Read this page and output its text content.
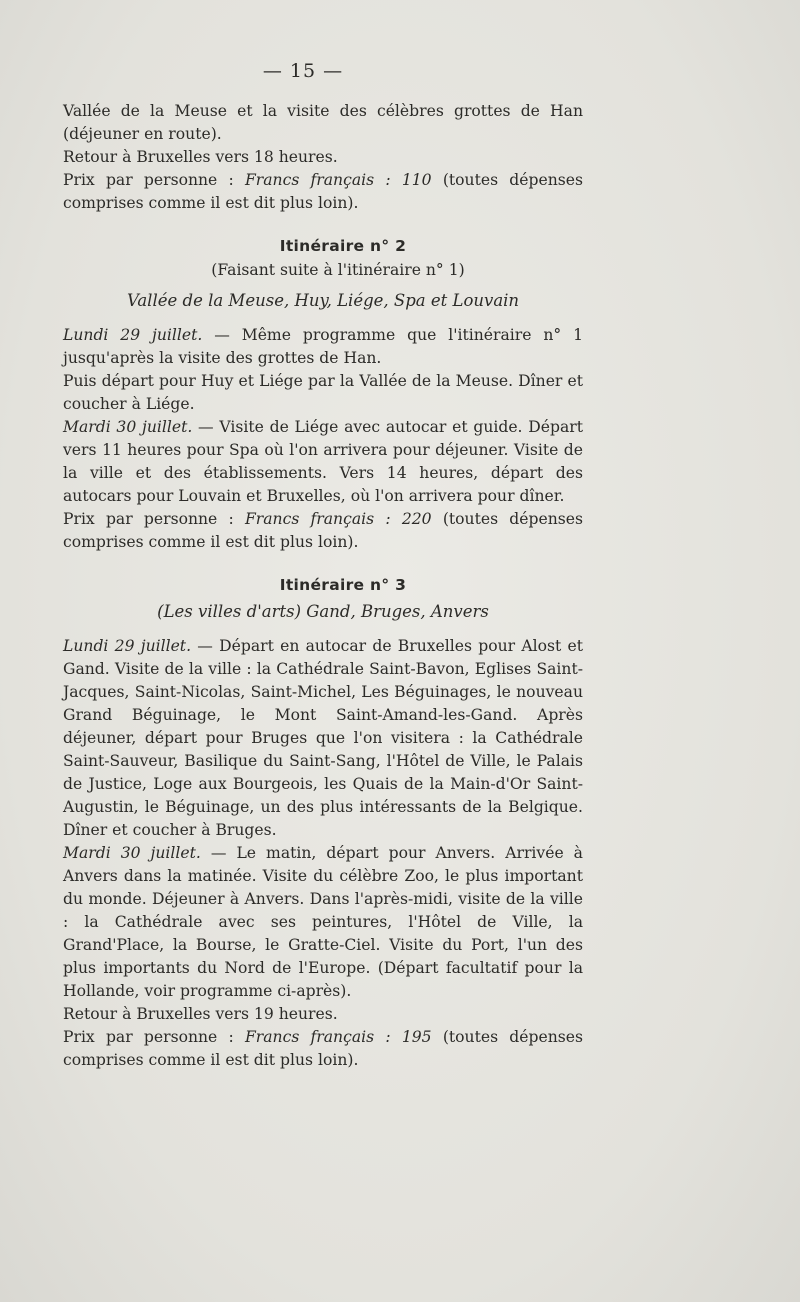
— 15 —

Vallée de la Meuse et la visite des célèbres grottes de Han (déjeuner en route).

Retour à Bruxelles vers 18 heures.

Prix par personne : Francs français : 110 (toutes dépenses comprises comme il est dit plus loin).

Itinéraire n° 2
(Faisant suite à l'itinéraire n° 1)
Vallée de la Meuse, Huy, Liége, Spa et Louvain

Lundi 29 juillet. — Même programme que l'itinéraire n° 1 jusqu'après la visite des grottes de Han.

Puis départ pour Huy et Liége par la Vallée de la Meuse. Dîner et coucher à Liége.

Mardi 30 juillet. — Visite de Liége avec autocar et guide. Départ vers 11 heures pour Spa où l'on arrivera pour déjeuner. Visite de la ville et des établissements. Vers 14 heures, départ des autocars pour Louvain et Bruxelles, où l'on arrivera pour dîner.

Prix par personne : Francs français : 220 (toutes dépenses comprises comme il est dit plus loin).

Itinéraire n° 3
(Les villes d'arts) Gand, Bruges, Anvers

Lundi 29 juillet. — Départ en autocar de Bruxelles pour Alost et Gand. Visite de la ville : la Cathédrale Saint-Bavon, Eglises Saint-Jacques, Saint-Nicolas, Saint-Michel, Les Béguinages, le nouveau Grand Béguinage, le Mont Saint-Amand-les-Gand. Après déjeuner, départ pour Bruges que l'on visitera : la Cathédrale Saint-Sauveur, Basilique du Saint-Sang, l'Hôtel de Ville, le Palais de Justice, Loge aux Bourgeois, les Quais de la Main-d'Or Saint-Augustin, le Béguinage, un des plus intéressants de la Belgique. Dîner et coucher à Bruges.

Mardi 30 juillet. — Le matin, départ pour Anvers. Arrivée à Anvers dans la matinée. Visite du célèbre Zoo, le plus important du monde. Déjeuner à Anvers. Dans l'après-midi, visite de la ville : la Cathédrale avec ses peintures, l'Hôtel de Ville, la Grand'Place, la Bourse, le Gratte-Ciel. Visite du Port, l'un des plus importants du Nord de l'Europe. (Départ facultatif pour la Hollande, voir programme ci-après).

Retour à Bruxelles vers 19 heures.

Prix par personne : Francs français : 195 (toutes dépenses comprises comme il est dit plus loin).
